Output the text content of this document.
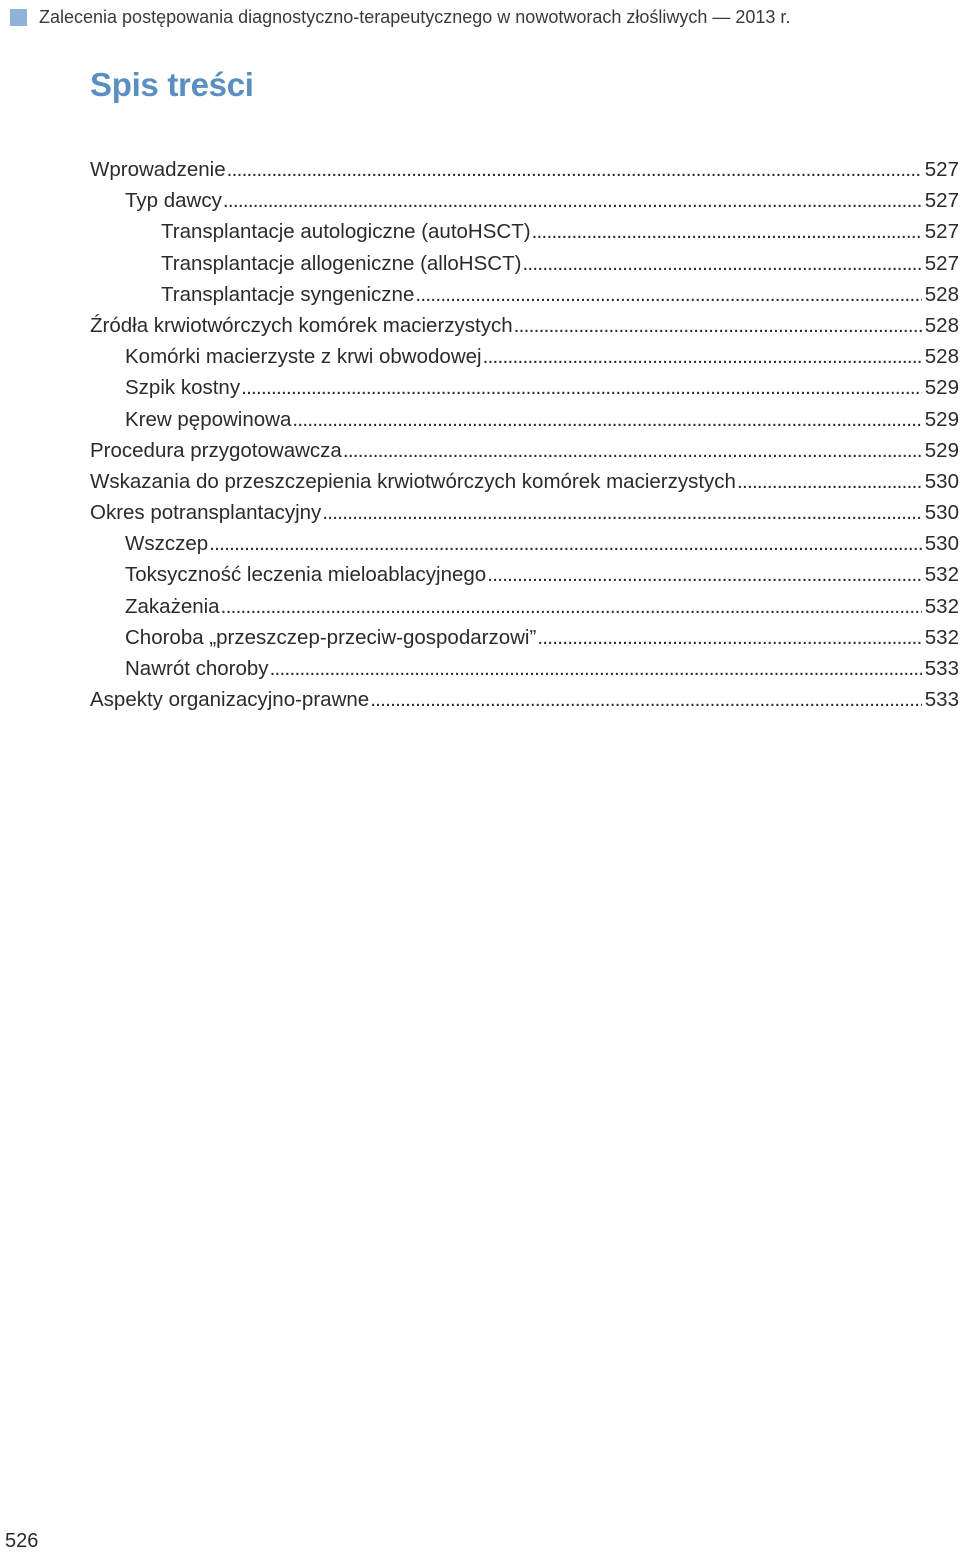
Zalecenia postępowania diagnostyczno-terapeutycznego w nowotworach złośliwych — 2013 r.
Spis treści
Wprowadzenie . . .	527
Typ dawcy . . .	527
Transplantacje autologiczne (autoHSCT) . . .	527
Transplantacje allogeniczne (alloHSCT) . . .	527
Transplantacje syngeniczne . . .	528
Źródła krwiotwórczych komórek macierzystych . . .	528
Komórki macierzyste z krwi obwodowej . . .	528
Szpik kostny . . .	529
Krew pępowinowa . . .	529
Procedura przygotowawcza . . .	529
Wskazania do przeszczepienia krwiotwórczych komórek macierzystych . . .	530
Okres potransplantacyjny . . .	530
Wszczep . . .	530
Toksyczność leczenia mieloablacyjnego . . .	532
Zakażenia . . .	532
Choroba „przeszczep-przeciw-gospodarzowi” . . .	532
Nawrót choroby . . .	533
Aspekty organizacyjno-prawne . . .	533
526
